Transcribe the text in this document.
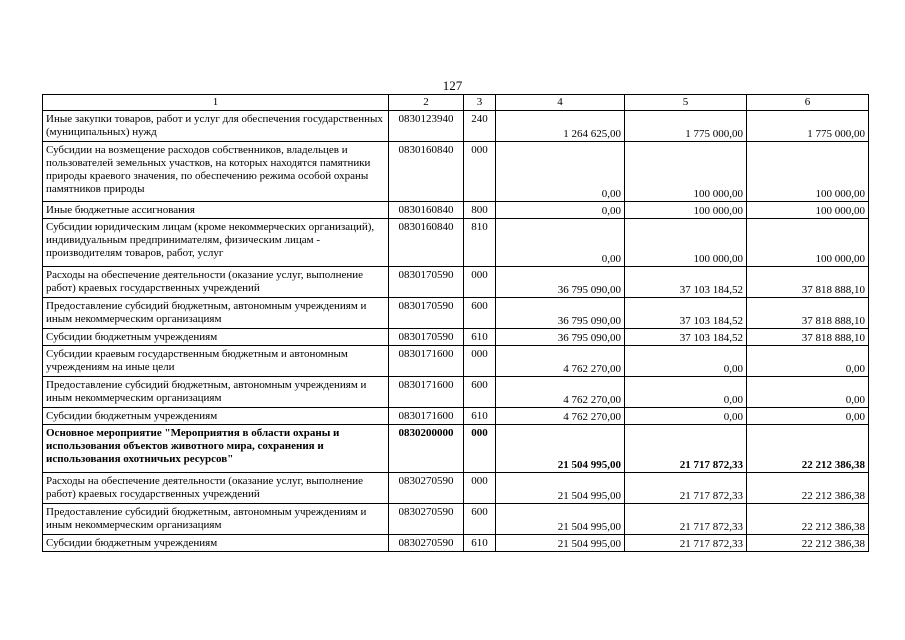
127
1	2	3	4	5	6
Иные закупки товаров, работ и услуг для обеспечения государственных (муниципальных) нужд	0830123940	240	1 264 625,00	1 775 000,00	1 775 000,00
Субсидии на возмещение расходов собственников, владельцев и пользователей земельных участков, на которых находятся памятники природы краевого значения, по обеспечению режима особой охраны памятников природы	0830160840	000	0,00	100 000,00	100 000,00
Иные бюджетные ассигнования	0830160840	800	0,00	100 000,00	100 000,00
Субсидии юридическим лицам (кроме некоммерческих организаций), индивидуальным предпринимателям, физическим лицам - производителям товаров, работ, услуг	0830160840	810	0,00	100 000,00	100 000,00
Расходы на обеспечение деятельности (оказание услуг, выполнение работ) краевых государственных учреждений	0830170590	000	36 795 090,00	37 103 184,52	37 818 888,10
Предоставление субсидий бюджетным, автономным учреждениям и иным некоммерческим организациям	0830170590	600	36 795 090,00	37 103 184,52	37 818 888,10
Субсидии бюджетным учреждениям	0830170590	610	36 795 090,00	37 103 184,52	37 818 888,10
Субсидии краевым государственным бюджетным и автономным учреждениям на иные цели	0830171600	000	4 762 270,00	0,00	0,00
Предоставление субсидий бюджетным, автономным учреждениям и иным некоммерческим организациям	0830171600	600	4 762 270,00	0,00	0,00
Субсидии бюджетным учреждениям	0830171600	610	4 762 270,00	0,00	0,00
Основное мероприятие "Мероприятия в области охраны и использования объектов животного мира, сохранения и использования охотничьих ресурсов"	0830200000	000	21 504 995,00	21 717 872,33	22 212 386,38
Расходы на обеспечение деятельности (оказание услуг, выполнение работ) краевых государственных учреждений	0830270590	000	21 504 995,00	21 717 872,33	22 212 386,38
Предоставление субсидий бюджетным, автономным учреждениям и иным некоммерческим организациям	0830270590	600	21 504 995,00	21 717 872,33	22 212 386,38
Субсидии бюджетным учреждениям	0830270590	610	21 504 995,00	21 717 872,33	22 212 386,38
